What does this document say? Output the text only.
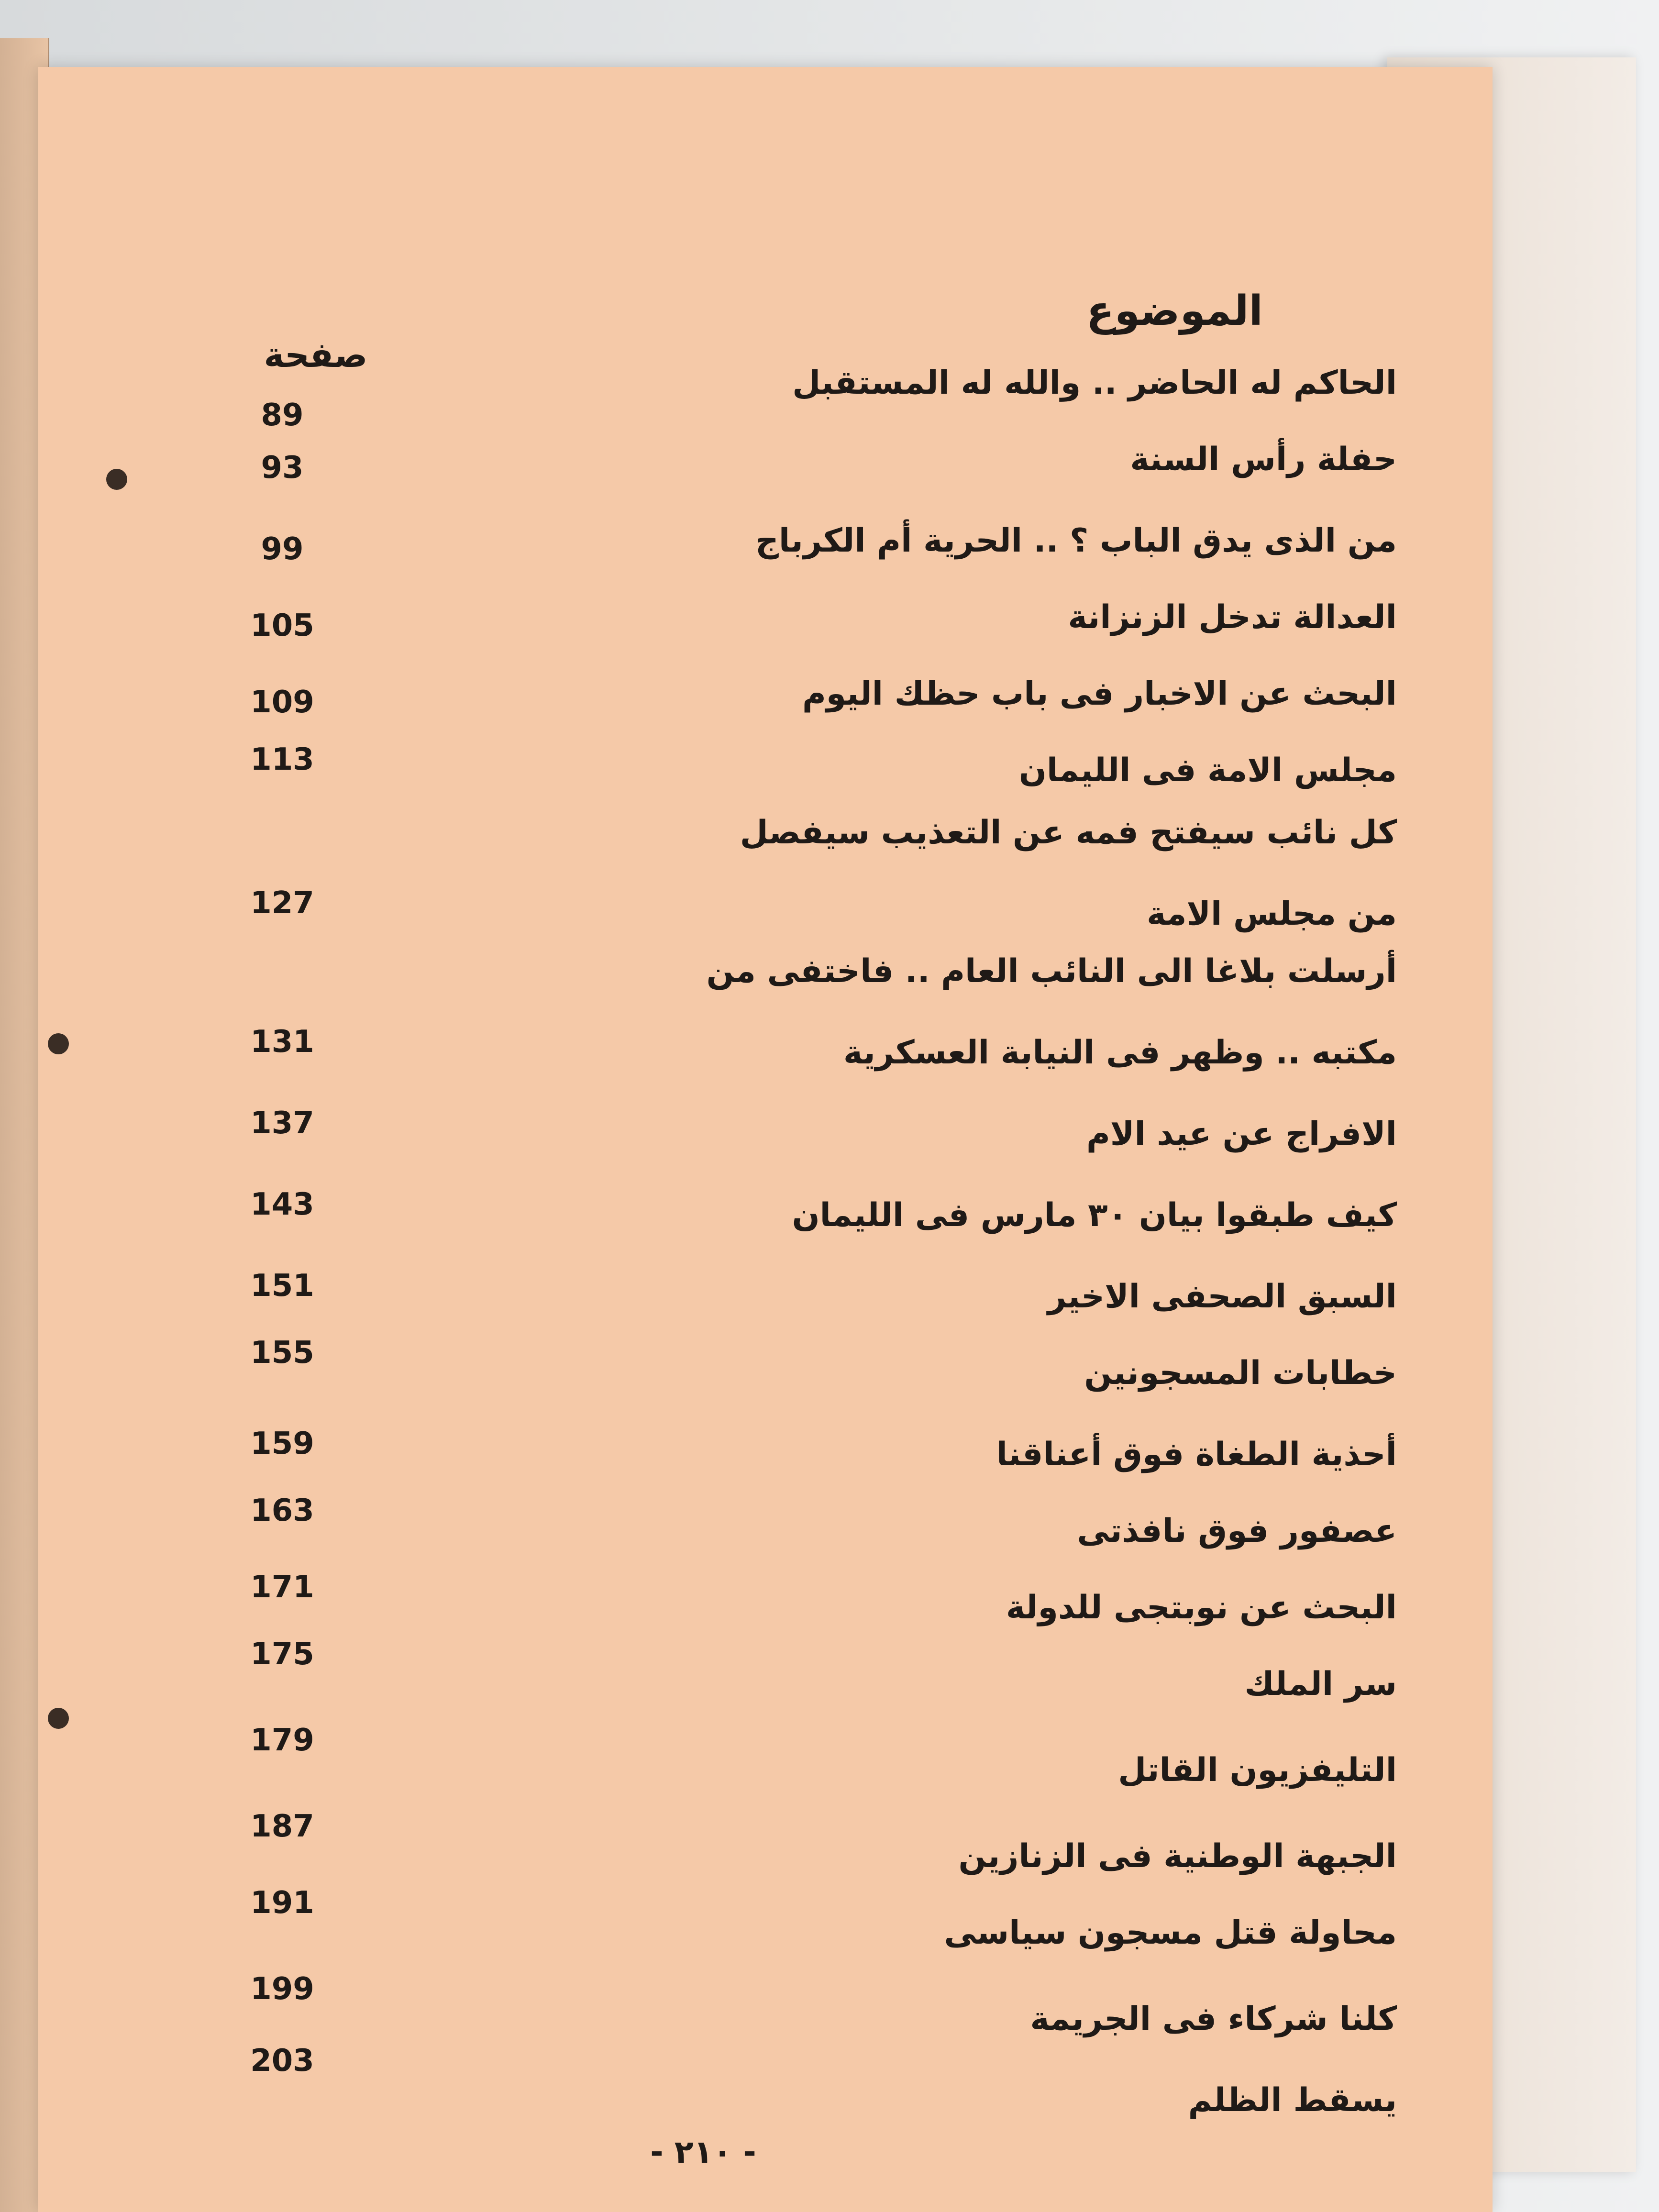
الموضوع
صفحة
الحاكم له الحاضر .. والله له المستقبل
89
حفلة رأس السنة
93
من الذى يدق الباب ؟ .. الحرية أم الكرباج
99
العدالة تدخل الزنزانة
105
البحث عن الاخبار فى باب حظك اليوم
109
مجلس الامة فى الليمان
113
كل نائب سيفتح فمه عن التعذيب سيفصل
من مجلس الامة
127
أرسلت بلاغا الى النائب العام .. فاختفى من
مكتبه .. وظهر فى النيابة العسكرية
131
الافراج عن عيد الام
137
كيف طبقوا بيان ٣٠ مارس فى الليمان
143
السبق الصحفى الاخير
151
خطابات المسجونين
155
أحذية الطغاة فوق أعناقنا
159
عصفور فوق نافذتى
163
البحث عن نوبتجى للدولة
171
سر الملك
175
التليفزيون القاتل
179
الجبهة الوطنية فى الزنازين
187
محاولة قتل مسجون سياسى
191
كلنا شركاء فى الجريمة
199
يسقط الظلم
203
- ٢١٠ -
